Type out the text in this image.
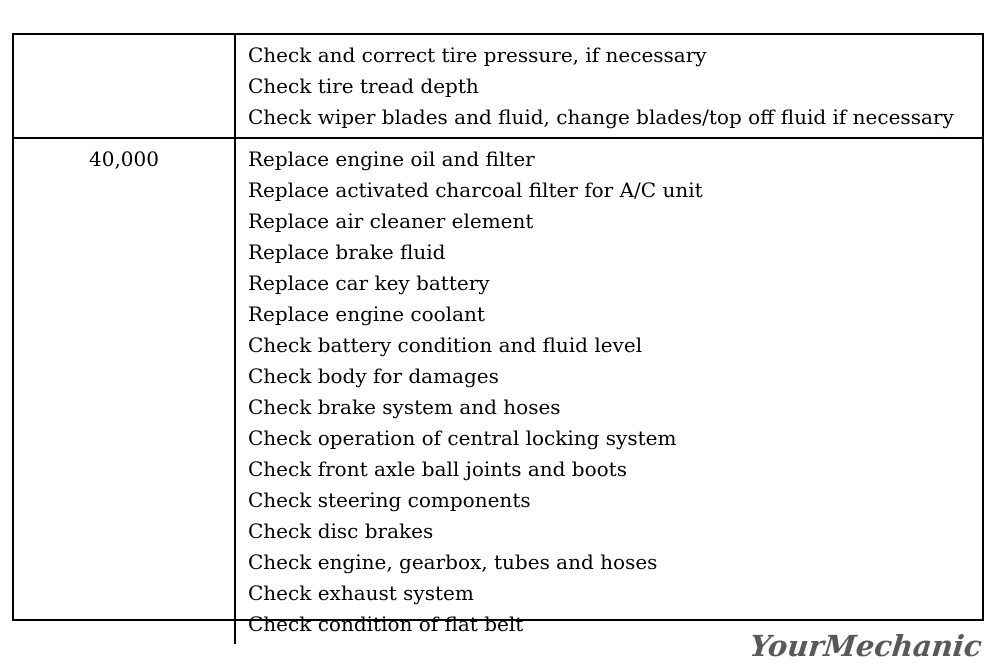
Check and correct tire pressure, if necessary
Check tire tread depth
Check wiper blades and fluid, change blades/top off fluid if necessary
40,000	Replace engine oil and filter
Replace activated charcoal filter for A/C unit
Replace air cleaner element
Replace brake fluid
Replace car key battery
Replace engine coolant
Check battery condition and fluid level
Check body for damages
Check brake system and hoses
Check operation of central locking system
Check front axle ball joints and boots
Check steering components
Check disc brakes
Check engine, gearbox, tubes and hoses
Check exhaust system
Check condition of flat belt
YourMechanic
